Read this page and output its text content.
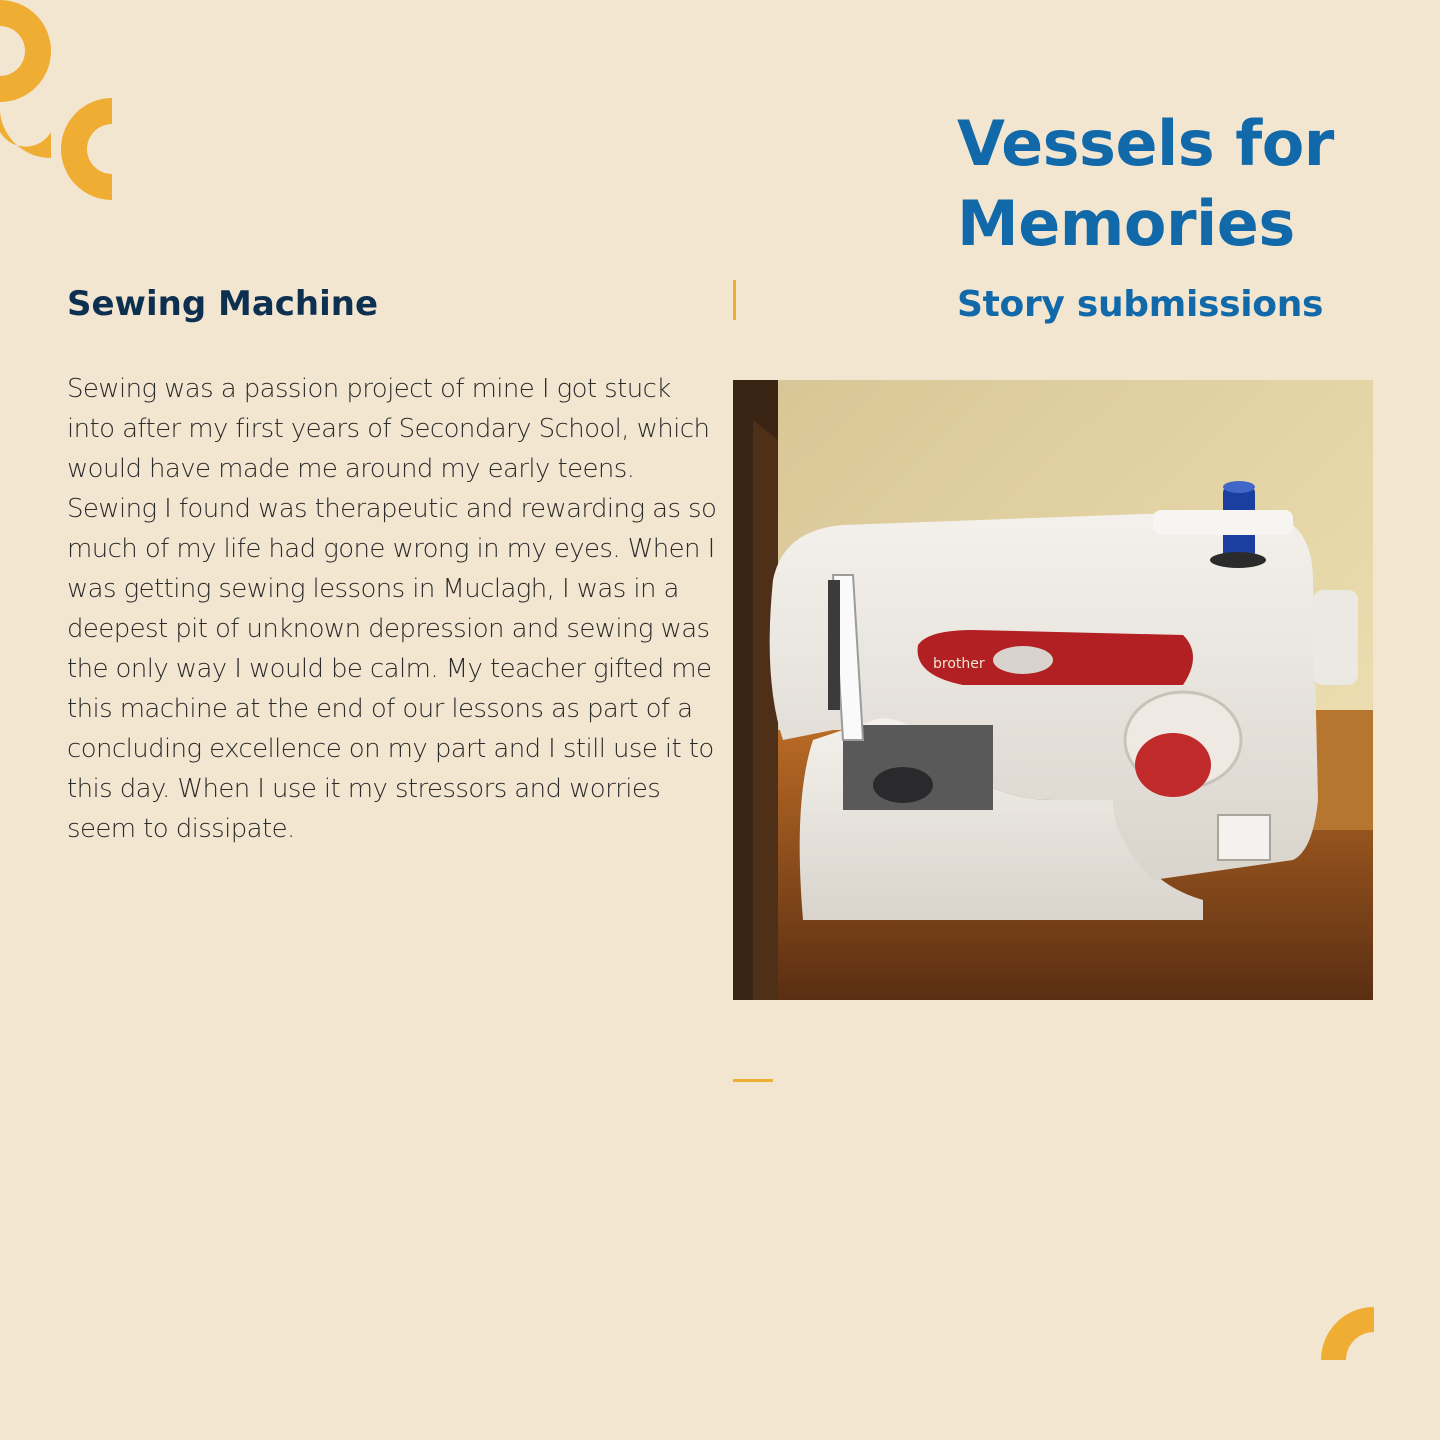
Vessels for Memories
Story submissions
Sewing Machine

Sewing was a passion project of mine I got stuck into after my first years of Secondary School, which would have made me around my early teens. Sewing I found was therapeutic and rewarding as so much of my life had gone wrong in my eyes. When I was getting sewing lessons in Muclagh, I was in a deepest pit of unknown depression and sewing was the only way I would be calm. My teacher gifted me this machine at the end of our lessons as part of a concluding excellence on my part and I still use it to this day. When I use it my stressors and worries seem to dissipate.

brother
